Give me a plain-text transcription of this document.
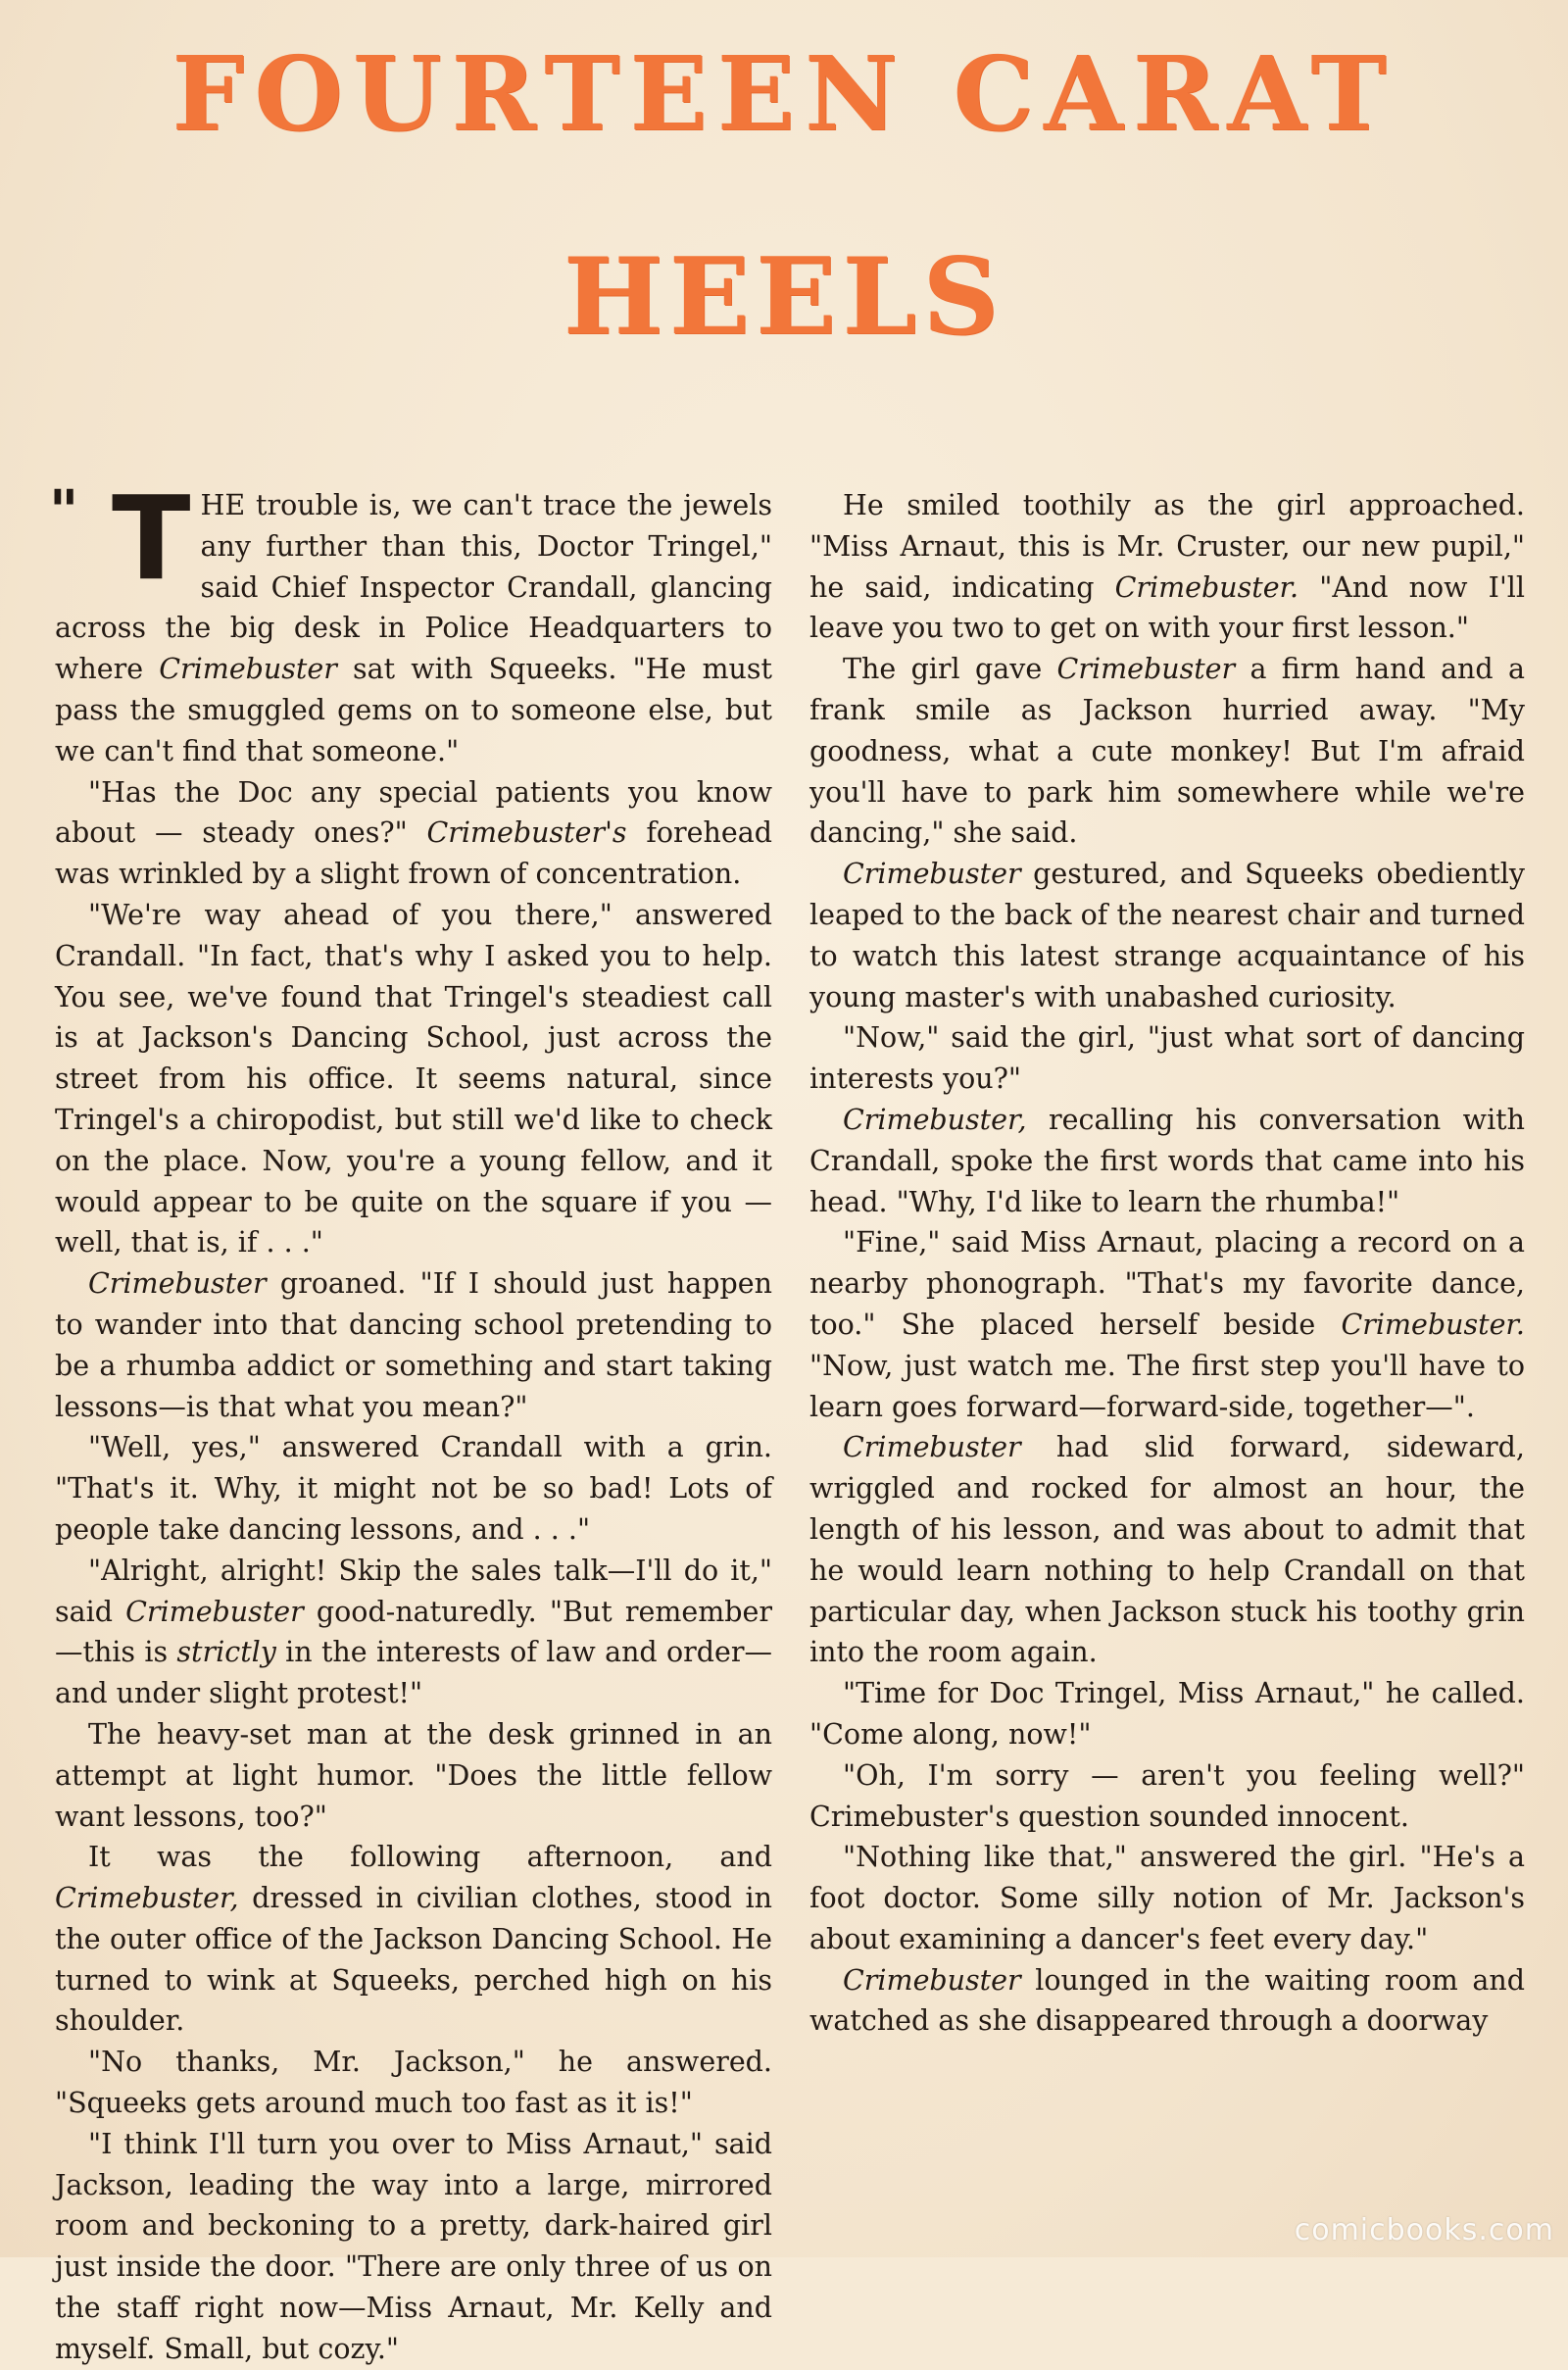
FOURTEEN CARAT
HEELS

" T HE trouble is, we can't trace the jewels any further than this, Doctor Tringel," said Chief Inspector Crandall, glancing across the big desk in Police Headquarters to where Crimebuster sat with Squeeks. "He must pass the smuggled gems on to someone else, but we can't find that someone."

"Has the Doc any special patients you know about — steady ones?" Crimebuster's forehead was wrinkled by a slight frown of concentration.

"We're way ahead of you there," answered Crandall. "In fact, that's why I asked you to help. You see, we've found that Tringel's steadiest call is at Jackson's Dancing School, just across the street from his office. It seems natural, since Tringel's a chiropodist, but still we'd like to check on the place. Now, you're a young fellow, and it would appear to be quite on the square if you —well, that is, if . . ."

Crimebuster groaned. "If I should just happen to wander into that dancing school pretending to be a rhumba addict or something and start taking lessons—is that what you mean?"

"Well, yes," answered Crandall with a grin. "That's it. Why, it might not be so bad! Lots of people take dancing lessons, and . . ."

"Alright, alright! Skip the sales talk—I'll do it," said Crimebuster good-naturedly. "But remember—this is strictly in the interests of law and order—and under slight protest!"

The heavy-set man at the desk grinned in an attempt at light humor. "Does the little fellow want lessons, too?"

It was the following afternoon, and Crimebuster, dressed in civilian clothes, stood in the outer office of the Jackson Dancing School. He turned to wink at Squeeks, perched high on his shoulder.

"No thanks, Mr. Jackson," he answered. "Squeeks gets around much too fast as it is!"

"I think I'll turn you over to Miss Arnaut," said Jackson, leading the way into a large, mirrored room and beckoning to a pretty, dark-haired girl just inside the door. "There are only three of us on the staff right now—Miss Arnaut, Mr. Kelly and myself. Small, but cozy."

He smiled toothily as the girl approached. "Miss Arnaut, this is Mr. Cruster, our new pupil," he said, indicating Crimebuster. "And now I'll leave you two to get on with your first lesson."

The girl gave Crimebuster a firm hand and a frank smile as Jackson hurried away. "My goodness, what a cute monkey! But I'm afraid you'll have to park him somewhere while we're dancing," she said.

Crimebuster gestured, and Squeeks obediently leaped to the back of the nearest chair and turned to watch this latest strange acquaintance of his young master's with unabashed curiosity.

"Now," said the girl, "just what sort of dancing interests you?"

Crimebuster, recalling his conversation with Crandall, spoke the first words that came into his head. "Why, I'd like to learn the rhumba!"

"Fine," said Miss Arnaut, placing a record on a nearby phonograph. "That's my favorite dance, too." She placed herself beside Crimebuster. "Now, just watch me. The first step you'll have to learn goes forward—forward-side, together—".

Crimebuster had slid forward, sideward, wriggled and rocked for almost an hour, the length of his lesson, and was about to admit that he would learn nothing to help Crandall on that particular day, when Jackson stuck his toothy grin into the room again.

"Time for Doc Tringel, Miss Arnaut," he called. "Come along, now!"

"Oh, I'm sorry — aren't you feeling well?" Crimebuster's question sounded innocent.

"Nothing like that," answered the girl. "He's a foot doctor. Some silly notion of Mr. Jackson's about examining a dancer's feet every day."

Crimebuster lounged in the waiting room and watched as she disappeared through a doorway

comicbooks.com
